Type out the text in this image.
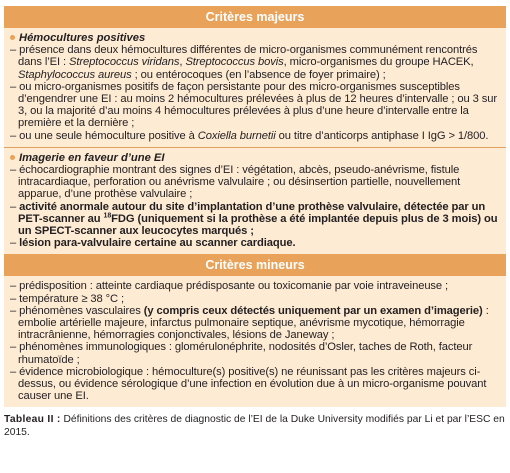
Critères majeurs
Hémocultures positives
– présence dans deux hémocultures différentes de micro-organismes communément rencontrés dans l’EI : Streptococcus viridans, Streptococcus bovis, micro-organismes du groupe HACEK, Staphylococcus aureus ; ou entérocoques (en l’absence de foyer primaire) ;
– ou micro-organismes positifs de façon persistante pour des micro-organismes susceptibles d’engendrer une EI : au moins 2 hémocultures prélevées à plus de 12 heures d’intervalle ; ou 3 sur 3, ou la majorité d’au moins 4 hémocultures prélevées à plus d’une heure d’intervalle entre la première et la dernière ;
– ou une seule hémoculture positive à Coxiella burnetii ou titre d’anticorps antiphase I IgG > 1/800.
Imagerie en faveur d’une EI
– échocardiographie montrant des signes d’EI : végétation, abcès, pseudo-anévrisme, fistule intracardiaque, perforation ou anévrisme valvulaire ; ou désinsertion partielle, nouvellement apparue, d’une prothèse valvulaire ;
– activité anormale autour du site d’implantation d’une prothèse valvulaire, détectée par un PET-scanner au $^{18}$FDG (uniquement si la prothèse a été implantée depuis plus de 3 mois) ou un SPECT-scanner aux leucocytes marqués ;
– lésion para-valvulaire certaine au scanner cardiaque.
Critères mineurs
– prédisposition : atteinte cardiaque prédisposante ou toxicomanie par voie intraveineuse ;
– température ≥ 38 °C ;
– phénomènes vasculaires (y compris ceux détectés uniquement par un examen d’imagerie) : embolie artérielle majeure, infarctus pulmonaire septique, anévrisme mycotique, hémorragie intracrânienne, hémorragies conjonctivales, lésions de Janeway ;
– phénomènes immunologiques : glomérulonéphrite, nodosités d’Osler, taches de Roth, facteur rhumatoïde ;
– évidence microbiologique : hémoculture(s) positive(s) ne réunissant pas les critères majeurs ci-dessus, ou évidence sérologique d’une infection en évolution due à un micro-organisme pouvant causer une EI.
Tableau II : Définitions des critères de diagnostic de l’EI de la Duke University modifiés par Li et par l’ESC en 2015.
